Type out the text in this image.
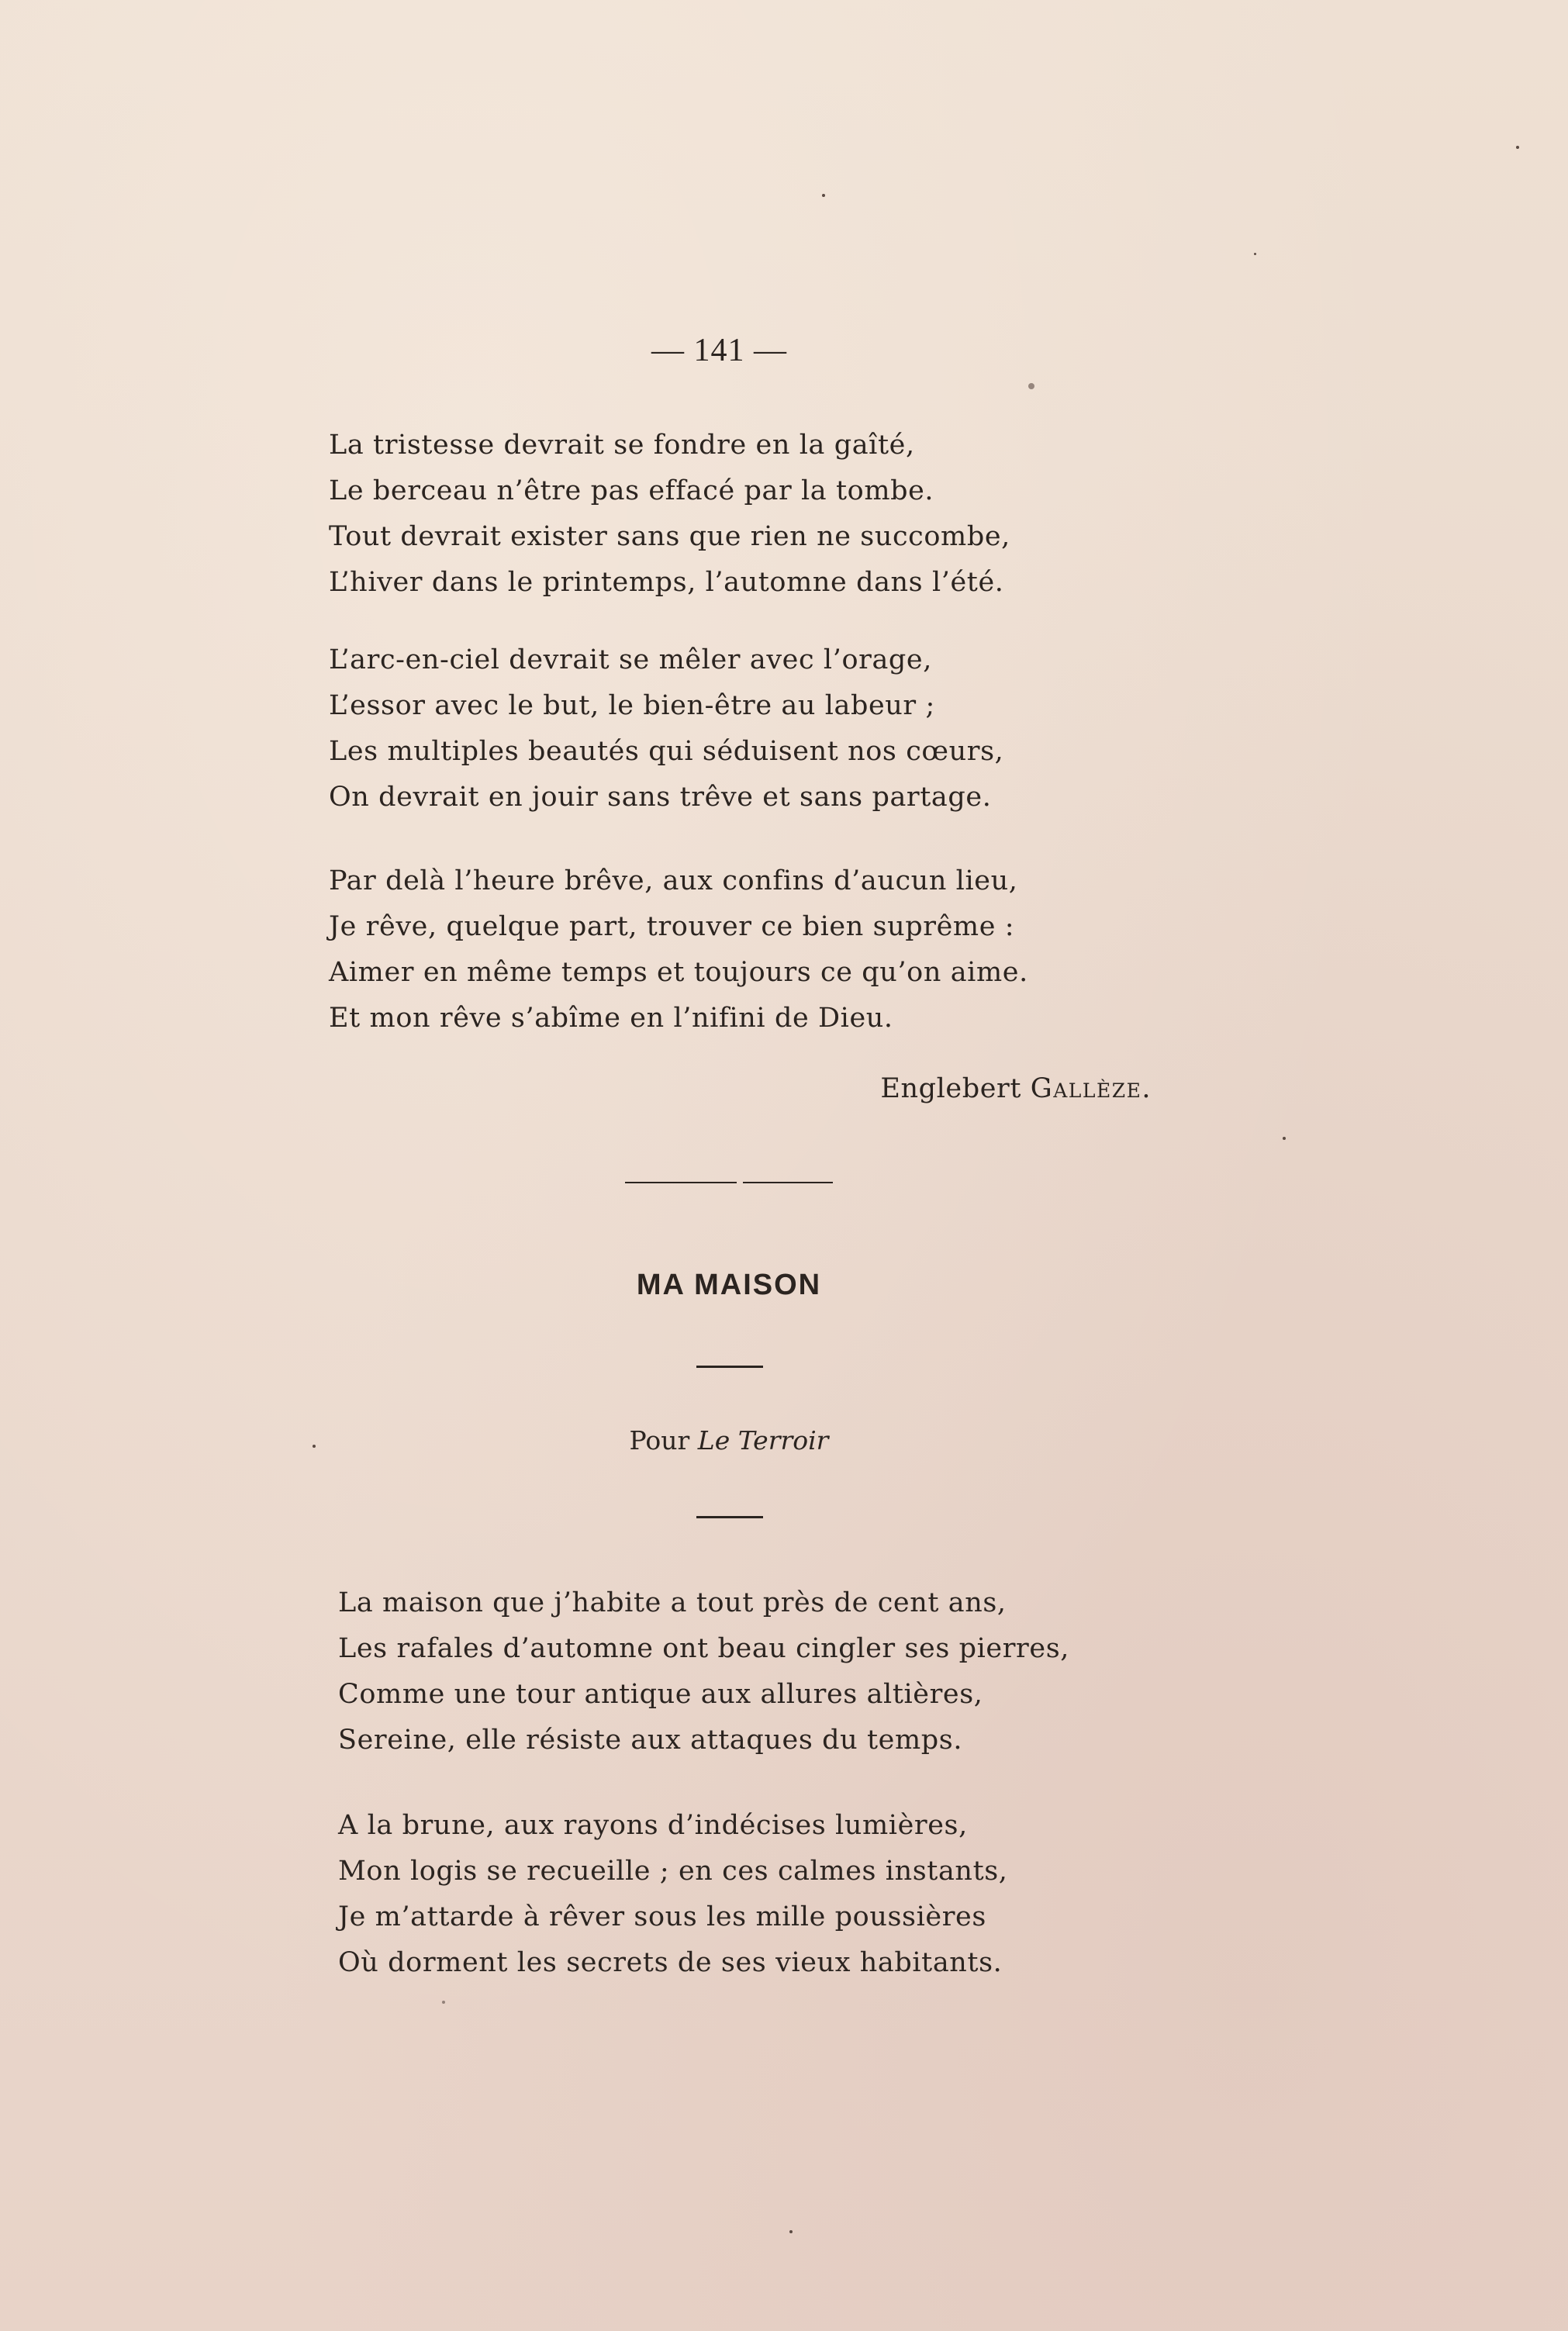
— 141 —
La tristesse devrait se fondre en la gaîté,
Le berceau n’être pas effacé par la tombe.
Tout devrait exister sans que rien ne succombe,
L’hiver dans le printemps, l’automne dans l’été.
L’arc-en-ciel devrait se mêler avec l’orage,
L’essor avec le but, le bien-être au labeur ;
Les multiples beautés qui séduisent nos cœurs,
On devrait en jouir sans trêve et sans partage.
Par delà l’heure brêve, aux confins d’aucun lieu,
Je rêve, quelque part, trouver ce bien suprême :
Aimer en même temps et toujours ce qu’on aime.
Et mon rêve s’abîme en l’nifini de Dieu.
Englebert Gallèze.
MA MAISON
Pour Le Terroir
La maison que j’habite a tout près de cent ans,
Les rafales d’automne ont beau cingler ses pierres,
Comme une tour antique aux allures altières,
Sereine, elle résiste aux attaques du temps.
A la brune, aux rayons d’indécises lumières,
Mon logis se recueille ; en ces calmes instants,
Je m’attarde à rêver sous les mille poussières
Où dorment les secrets de ses vieux habitants.
